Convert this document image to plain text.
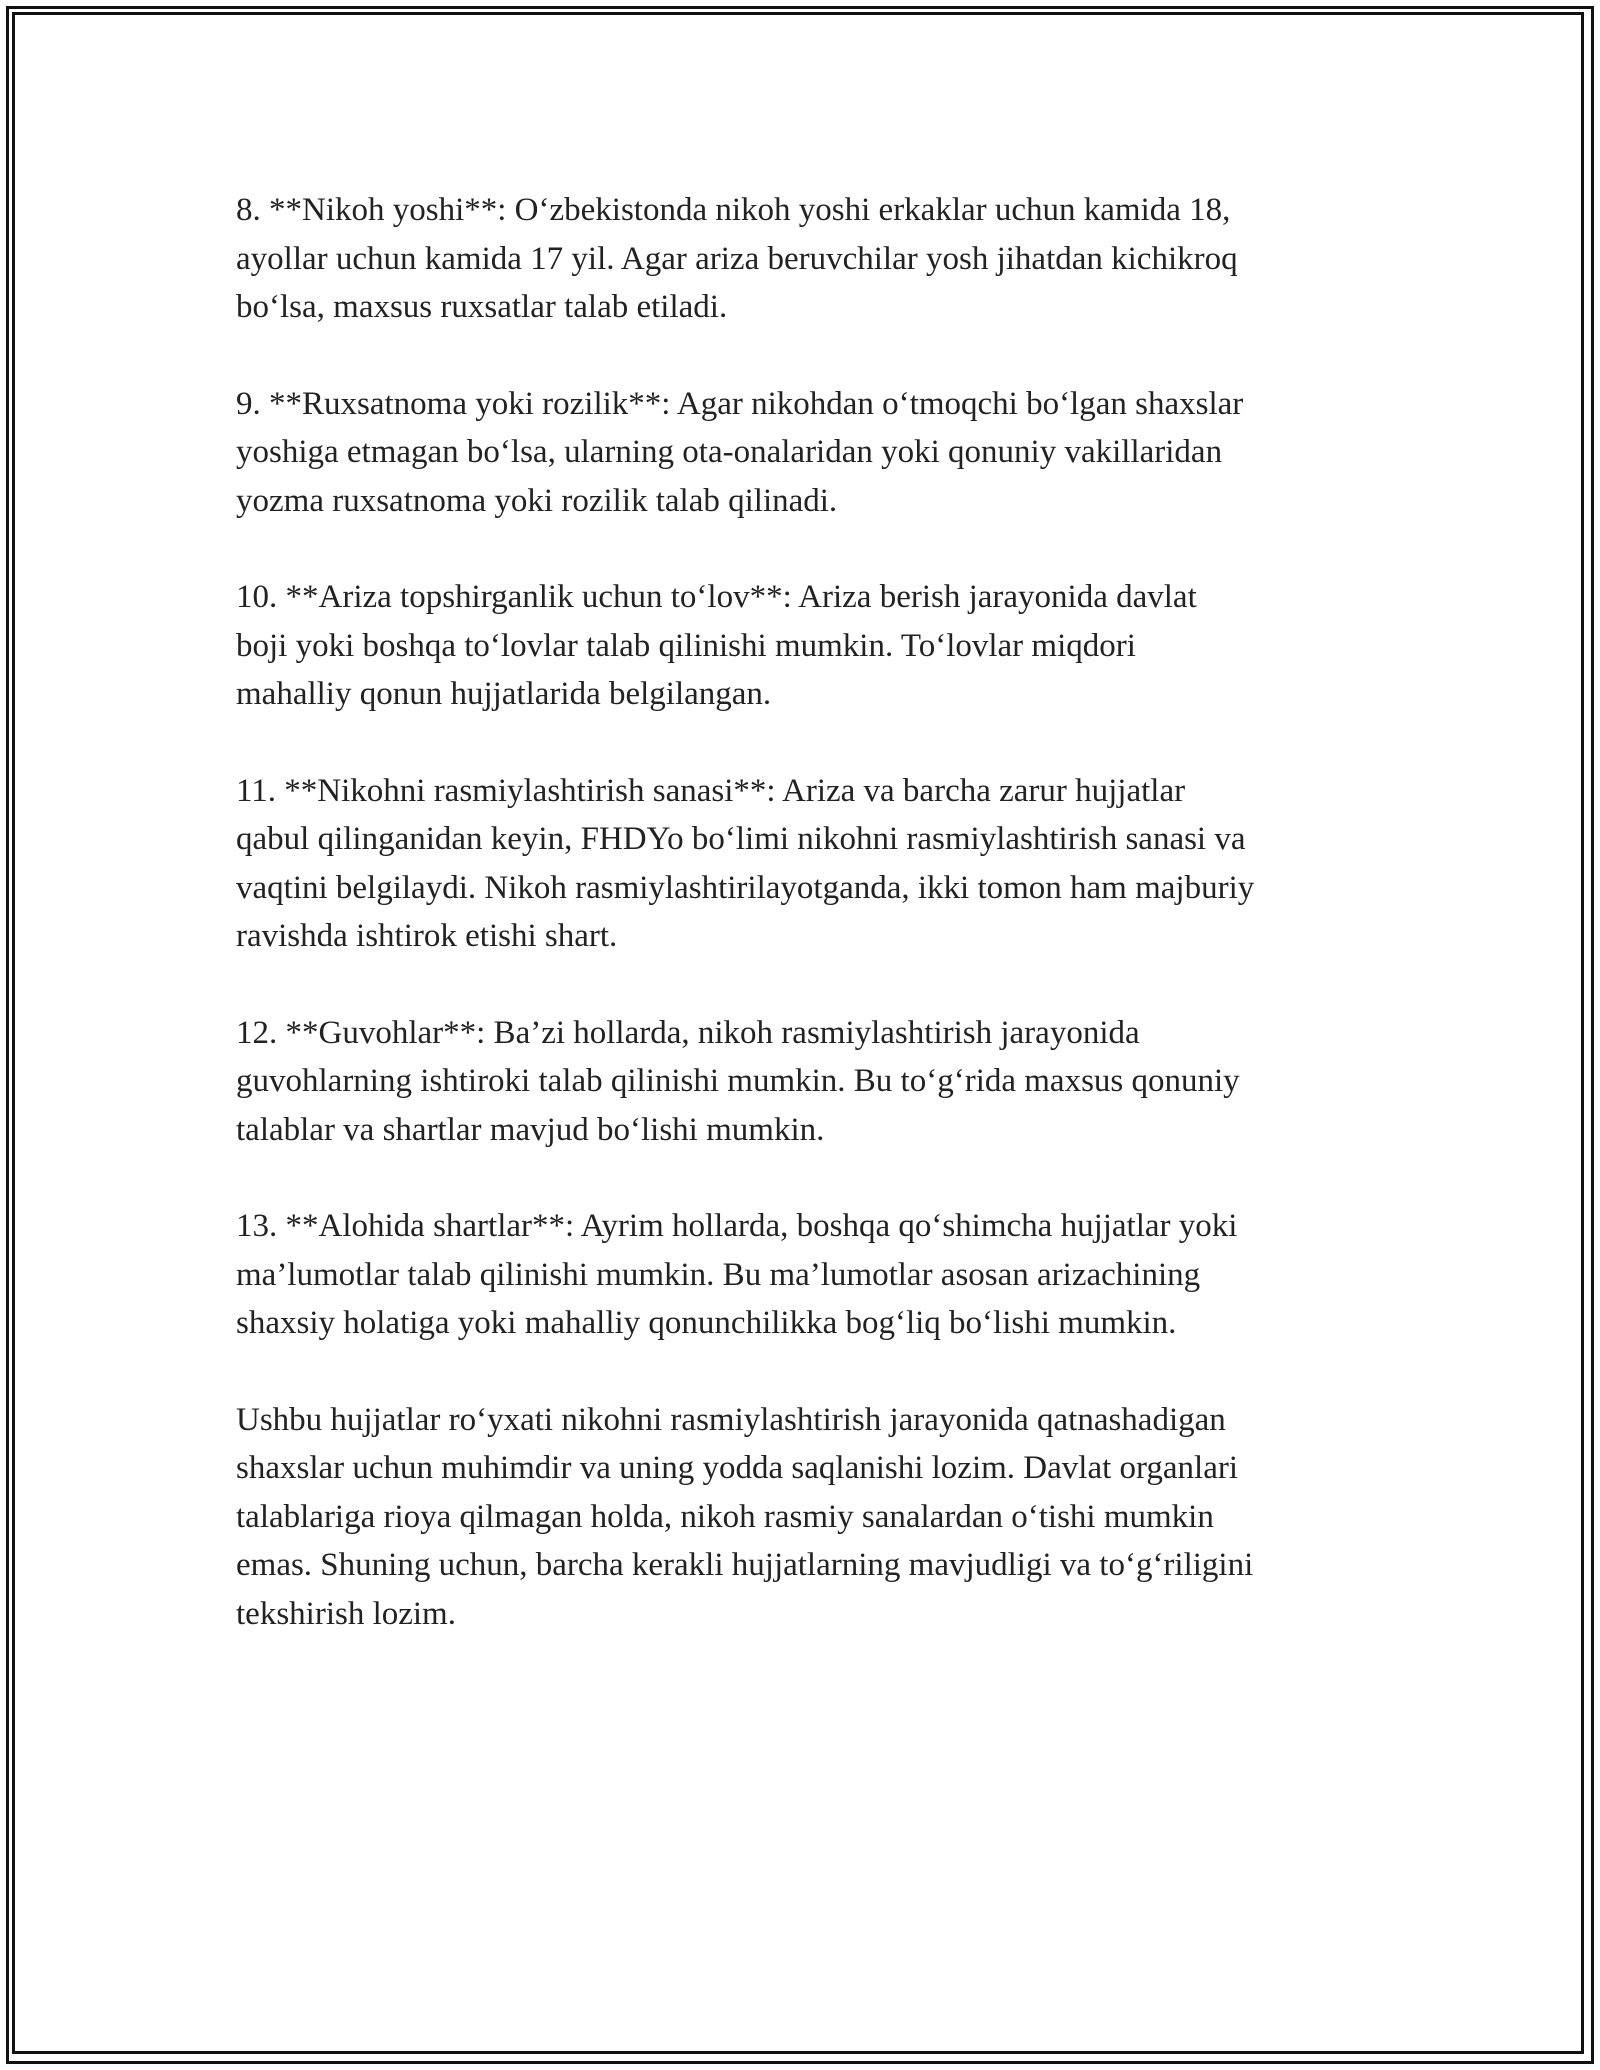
8. **Nikoh yoshi**: O‘zbekistonda nikoh yoshi erkaklar uchun kamida 18,
ayollar uchun kamida 17 yil. Agar ariza beruvchilar yosh jihatdan kichikroq
bo‘lsa, maxsus ruxsatlar talab etiladi.

9. **Ruxsatnoma yoki rozilik**: Agar nikohdan o‘tmoqchi bo‘lgan shaxslar
yoshiga etmagan bo‘lsa, ularning ota-onalaridan yoki qonuniy vakillaridan
yozma ruxsatnoma yoki rozilik talab qilinadi.

10. **Ariza topshirganlik uchun to‘lov**: Ariza berish jarayonida davlat
boji yoki boshqa to‘lovlar talab qilinishi mumkin. To‘lovlar miqdori
mahalliy qonun hujjatlarida belgilangan.

11. **Nikohni rasmiylashtirish sanasi**: Ariza va barcha zarur hujjatlar
qabul qilinganidan keyin, FHDYo bo‘limi nikohni rasmiylashtirish sanasi va
vaqtini belgilaydi. Nikoh rasmiylashtirilayotganda, ikki tomon ham majburiy
ravishda ishtirok etishi shart.

12. **Guvohlar**: Ba’zi hollarda, nikoh rasmiylashtirish jarayonida
guvohlarning ishtiroki talab qilinishi mumkin. Bu to‘g‘rida maxsus qonuniy
talablar va shartlar mavjud bo‘lishi mumkin.

13. **Alohida shartlar**: Ayrim hollarda, boshqa qo‘shimcha hujjatlar yoki
ma’lumotlar talab qilinishi mumkin. Bu ma’lumotlar asosan arizachining
shaxsiy holatiga yoki mahalliy qonunchilikka bog‘liq bo‘lishi mumkin.

Ushbu hujjatlar ro‘yxati nikohni rasmiylashtirish jarayonida qatnashadigan
shaxslar uchun muhimdir va uning yodda saqlanishi lozim. Davlat organlari
talablariga rioya qilmagan holda, nikoh rasmiy sanalardan o‘tishi mumkin
emas. Shuning uchun, barcha kerakli hujjatlarning mavjudligi va to‘g‘riligini
tekshirish lozim.
